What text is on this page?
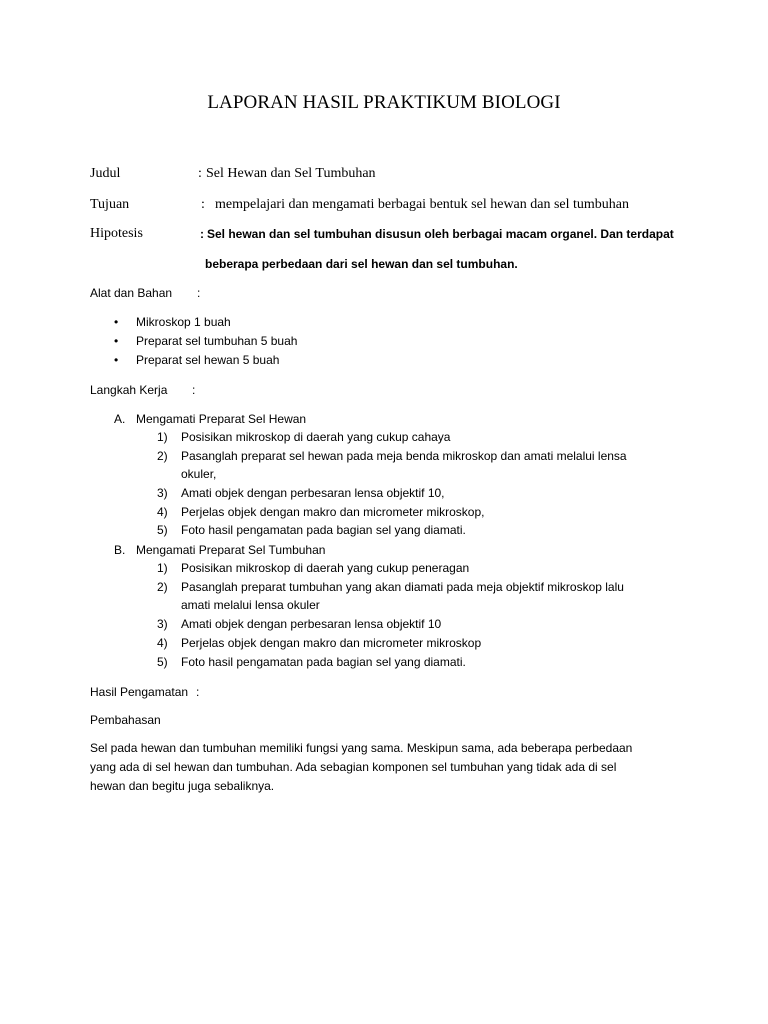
LAPORAN HASIL PRAKTIKUM BIOLOGI
Judul	: Sel Hewan dan Sel Tumbuhan
Tujuan	: mempelajari dan mengamati berbagai bentuk sel hewan dan sel tumbuhan
Hipotesis	: Sel hewan dan sel tumbuhan disusun oleh berbagai macam organel. Dan terdapat
beberapa perbedaan dari sel hewan dan sel tumbuhan.
Alat dan Bahan :
• Mikroskop 1 buah
• Preparat sel tumbuhan 5 buah
• Preparat sel hewan 5 buah
Langkah Kerja :
A. Mengamati Preparat Sel Hewan
1) Posisikan mikroskop di daerah yang cukup cahaya
2) Pasanglah preparat sel hewan pada meja benda mikroskop dan amati melalui lensa
okuler,
3) Amati objek dengan perbesaran lensa objektif 10,
4) Perjelas objek dengan makro dan micrometer mikroskop,
5) Foto hasil pengamatan pada bagian sel yang diamati.
B. Mengamati Preparat Sel Tumbuhan
1) Posisikan mikroskop di daerah yang cukup peneragan
2) Pasanglah preparat tumbuhan yang akan diamati pada meja objektif mikroskop lalu
amati melalui lensa okuler
3) Amati objek dengan perbesaran lensa objektif 10
4) Perjelas objek dengan makro dan micrometer mikroskop
5) Foto hasil pengamatan pada bagian sel yang diamati.
Hasil Pengamatan :
Pembahasan
Sel pada hewan dan tumbuhan memiliki fungsi yang sama. Meskipun sama, ada beberapa perbedaan
yang ada di sel hewan dan tumbuhan. Ada sebagian komponen sel tumbuhan yang tidak ada di sel
hewan dan begitu juga sebaliknya.
